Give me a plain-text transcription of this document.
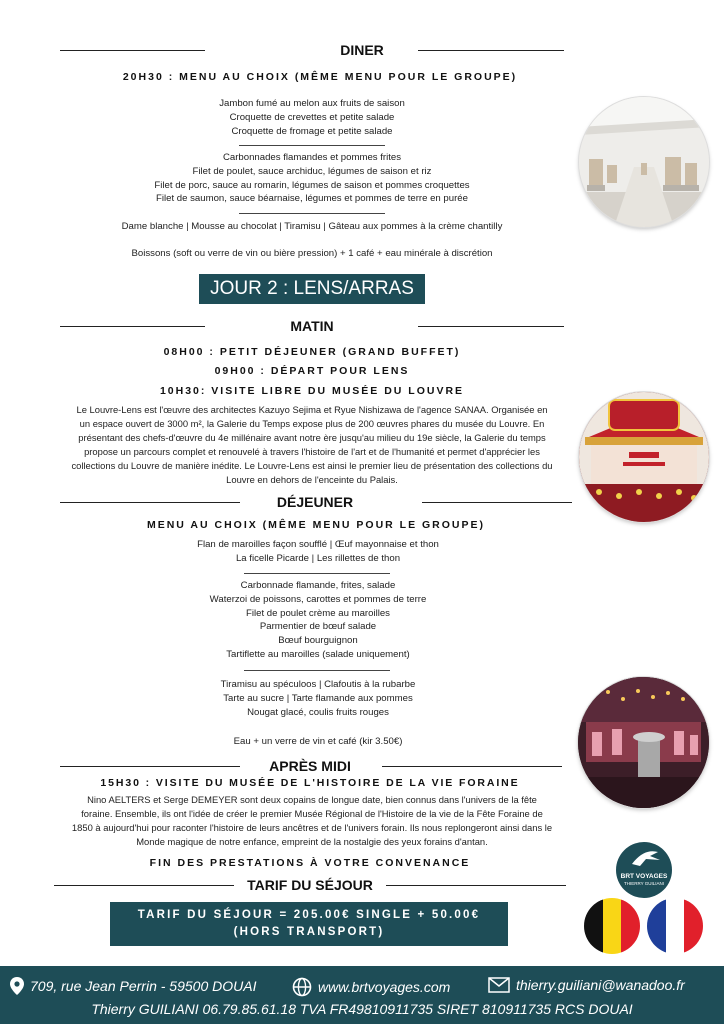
DINER
20H30 : MENU AU CHOIX (MÊME MENU POUR LE GROUPE)

Jambon fumé au melon aux fruits de saison

Croquette de crevettes et petite salade

Croquette de fromage et petite salade

Carbonnades flamandes et pommes frites

Filet de poulet, sauce archiduc, légumes de saison et riz

Filet de porc, sauce au romarin, légumes de saison et pommes croquettes

Filet de saumon, sauce béarnaise, légumes et pommes de terre en purée

Dame blanche | Mousse au chocolat | Tiramisu | Gâteau aux pommes à la crème chantilly

Boissons (soft ou verre de vin ou bière pression) + 1 café + eau minérale à discrétion

JOUR 2 : LENS/ARRAS
MATIN
08H00 : PETIT DÉJEUNER (GRAND BUFFET)
09H00 : DÉPART POUR LENS
10H30: VISITE LIBRE DU MUSÉE DU LOUVRE

Le Louvre-Lens est l'œuvre des architectes Kazuyo Sejima et Ryue Nishizawa de l'agence SANAA. Organisée en

un espace ouvert de 3000 m², la Galerie du Temps expose plus de 200 œuvres phares du musée du Louvre. En

présentant des chefs-d'œuvre du 4e millénaire avant notre ère jusqu'au milieu du 19e siècle, la Galerie du temps

propose un parcours complet et renouvelé à travers l'histoire de l'art et de l'humanité et permet d'apprécier les

collections du Louvre de manière inédite. Le Louvre-Lens est ainsi le premier lieu de présentation des collections du

Louvre en dehors de l'enceinte du Palais.

DÉJEUNER
MENU AU CHOIX (MÊME MENU POUR LE GROUPE)

Flan de maroilles façon soufflé | Œuf mayonnaise et thon

La ficelle Picarde | Les rillettes de thon

Carbonnade flamande, frites, salade

Waterzoi de poissons, carottes et pommes de terre

Filet de poulet crème au maroilles

Parmentier de bœuf salade

Bœuf bourguignon

Tartiflette au maroilles (salade uniquement)

Tiramisu au spéculoos | Clafoutis à la rubarbe

Tarte au sucre | Tarte flamande aux pommes

Nougat glacé, coulis fruits rouges

Eau + un verre de vin et café (kir 3.50€)

APRÈS MIDI
15H30 : VISITE DU MUSÉE DE L'HISTOIRE DE LA VIE FORAINE

Nino AELTERS et Serge DEMEYER sont deux copains de longue date, bien connus dans l'univers de la fête

foraine. Ensemble, ils ont l'idée de créer le premier Musée Régional de l'Histoire de la vie de la Fête Foraine de

1850 à aujourd'hui pour raconter l'histoire de leurs ancêtres et de l'univers forain. Ils nous replongeront ainsi dans le

Monde magique de notre enfance, empreint de la nostalgie des yeux forains d'antan.

FIN DES PRESTATIONS À VOTRE CONVENANCE
TARIF DU SÉJOUR
TARIF DU SÉJOUR = 205.00€ SINGLE + 50.00€
(HORS TRANSPORT)
BRT VOYAGES
THIERRY GUILIANI
709, rue Jean Perrin - 59500 DOUAI	www.brtvoyages.com	thierry.guiliani@wanadoo.fr
Thierry GUILIANI 06.79.85.61.18 TVA FR49810911735 SIRET 810911735 RCS DOUAI
